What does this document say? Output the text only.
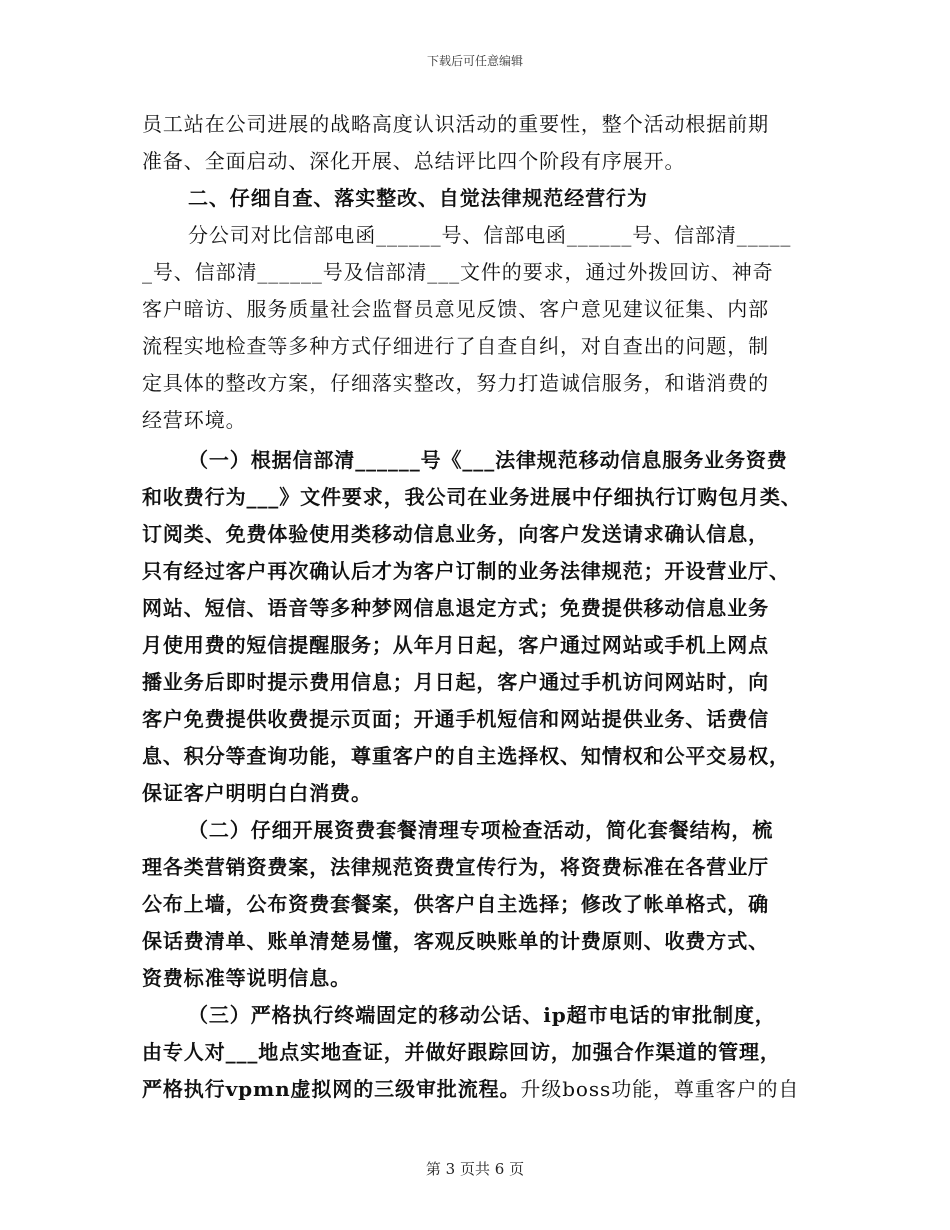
下载后可任意编辑
员工站在公司进展的战略高度认识活动的重要性，整个活动根据前期
准备、全面启动、深化开展、总结评比四个阶段有序展开。
二、仔细自查、落实整改、自觉法律规范经营行为
分公司对比信部电函______号、信部电函______号、信部清_____
_号、信部清______号及信部清___文件的要求，通过外拨回访、神奇
客户暗访、服务质量社会监督员意见反馈、客户意见建议征集、内部
流程实地检查等多种方式仔细进行了自查自纠，对自查出的问题，制
定具体的整改方案，仔细落实整改，努力打造诚信服务，和谐消费的
经营环境。
（一）根据信部清______号《___法律规范移动信息服务业务资费
和收费行为___》文件要求，我公司在业务进展中仔细执行订购包月类、
订阅类、免费体验使用类移动信息业务，向客户发送请求确认信息，
只有经过客户再次确认后才为客户订制的业务法律规范；开设营业厅、
网站、短信、语音等多种梦网信息退定方式；免费提供移动信息业务
月使用费的短信提醒服务；从年月日起，客户通过网站或手机上网点
播业务后即时提示费用信息；月日起，客户通过手机访问网站时，向
客户免费提供收费提示页面；开通手机短信和网站提供业务、话费信
息、积分等查询功能，尊重客户的自主选择权、知情权和公平交易权，
保证客户明明白白消费。
（二）仔细开展资费套餐清理专项检查活动，简化套餐结构，梳
理各类营销资费案，法律规范资费宣传行为，将资费标准在各营业厅
公布上墙，公布资费套餐案，供客户自主选择；修改了帐单格式，确
保话费清单、账单清楚易懂，客观反映账单的计费原则、收费方式、
资费标准等说明信息。
（三）严格执行终端固定的移动公话、ip超市电话的审批制度，
由专人对___地点实地查证，并做好跟踪回访，加强合作渠道的管理，
严格执行vpmn虚拟网的三级审批流程。升级boss功能，尊重客户的自
第 3 页共 6 页
